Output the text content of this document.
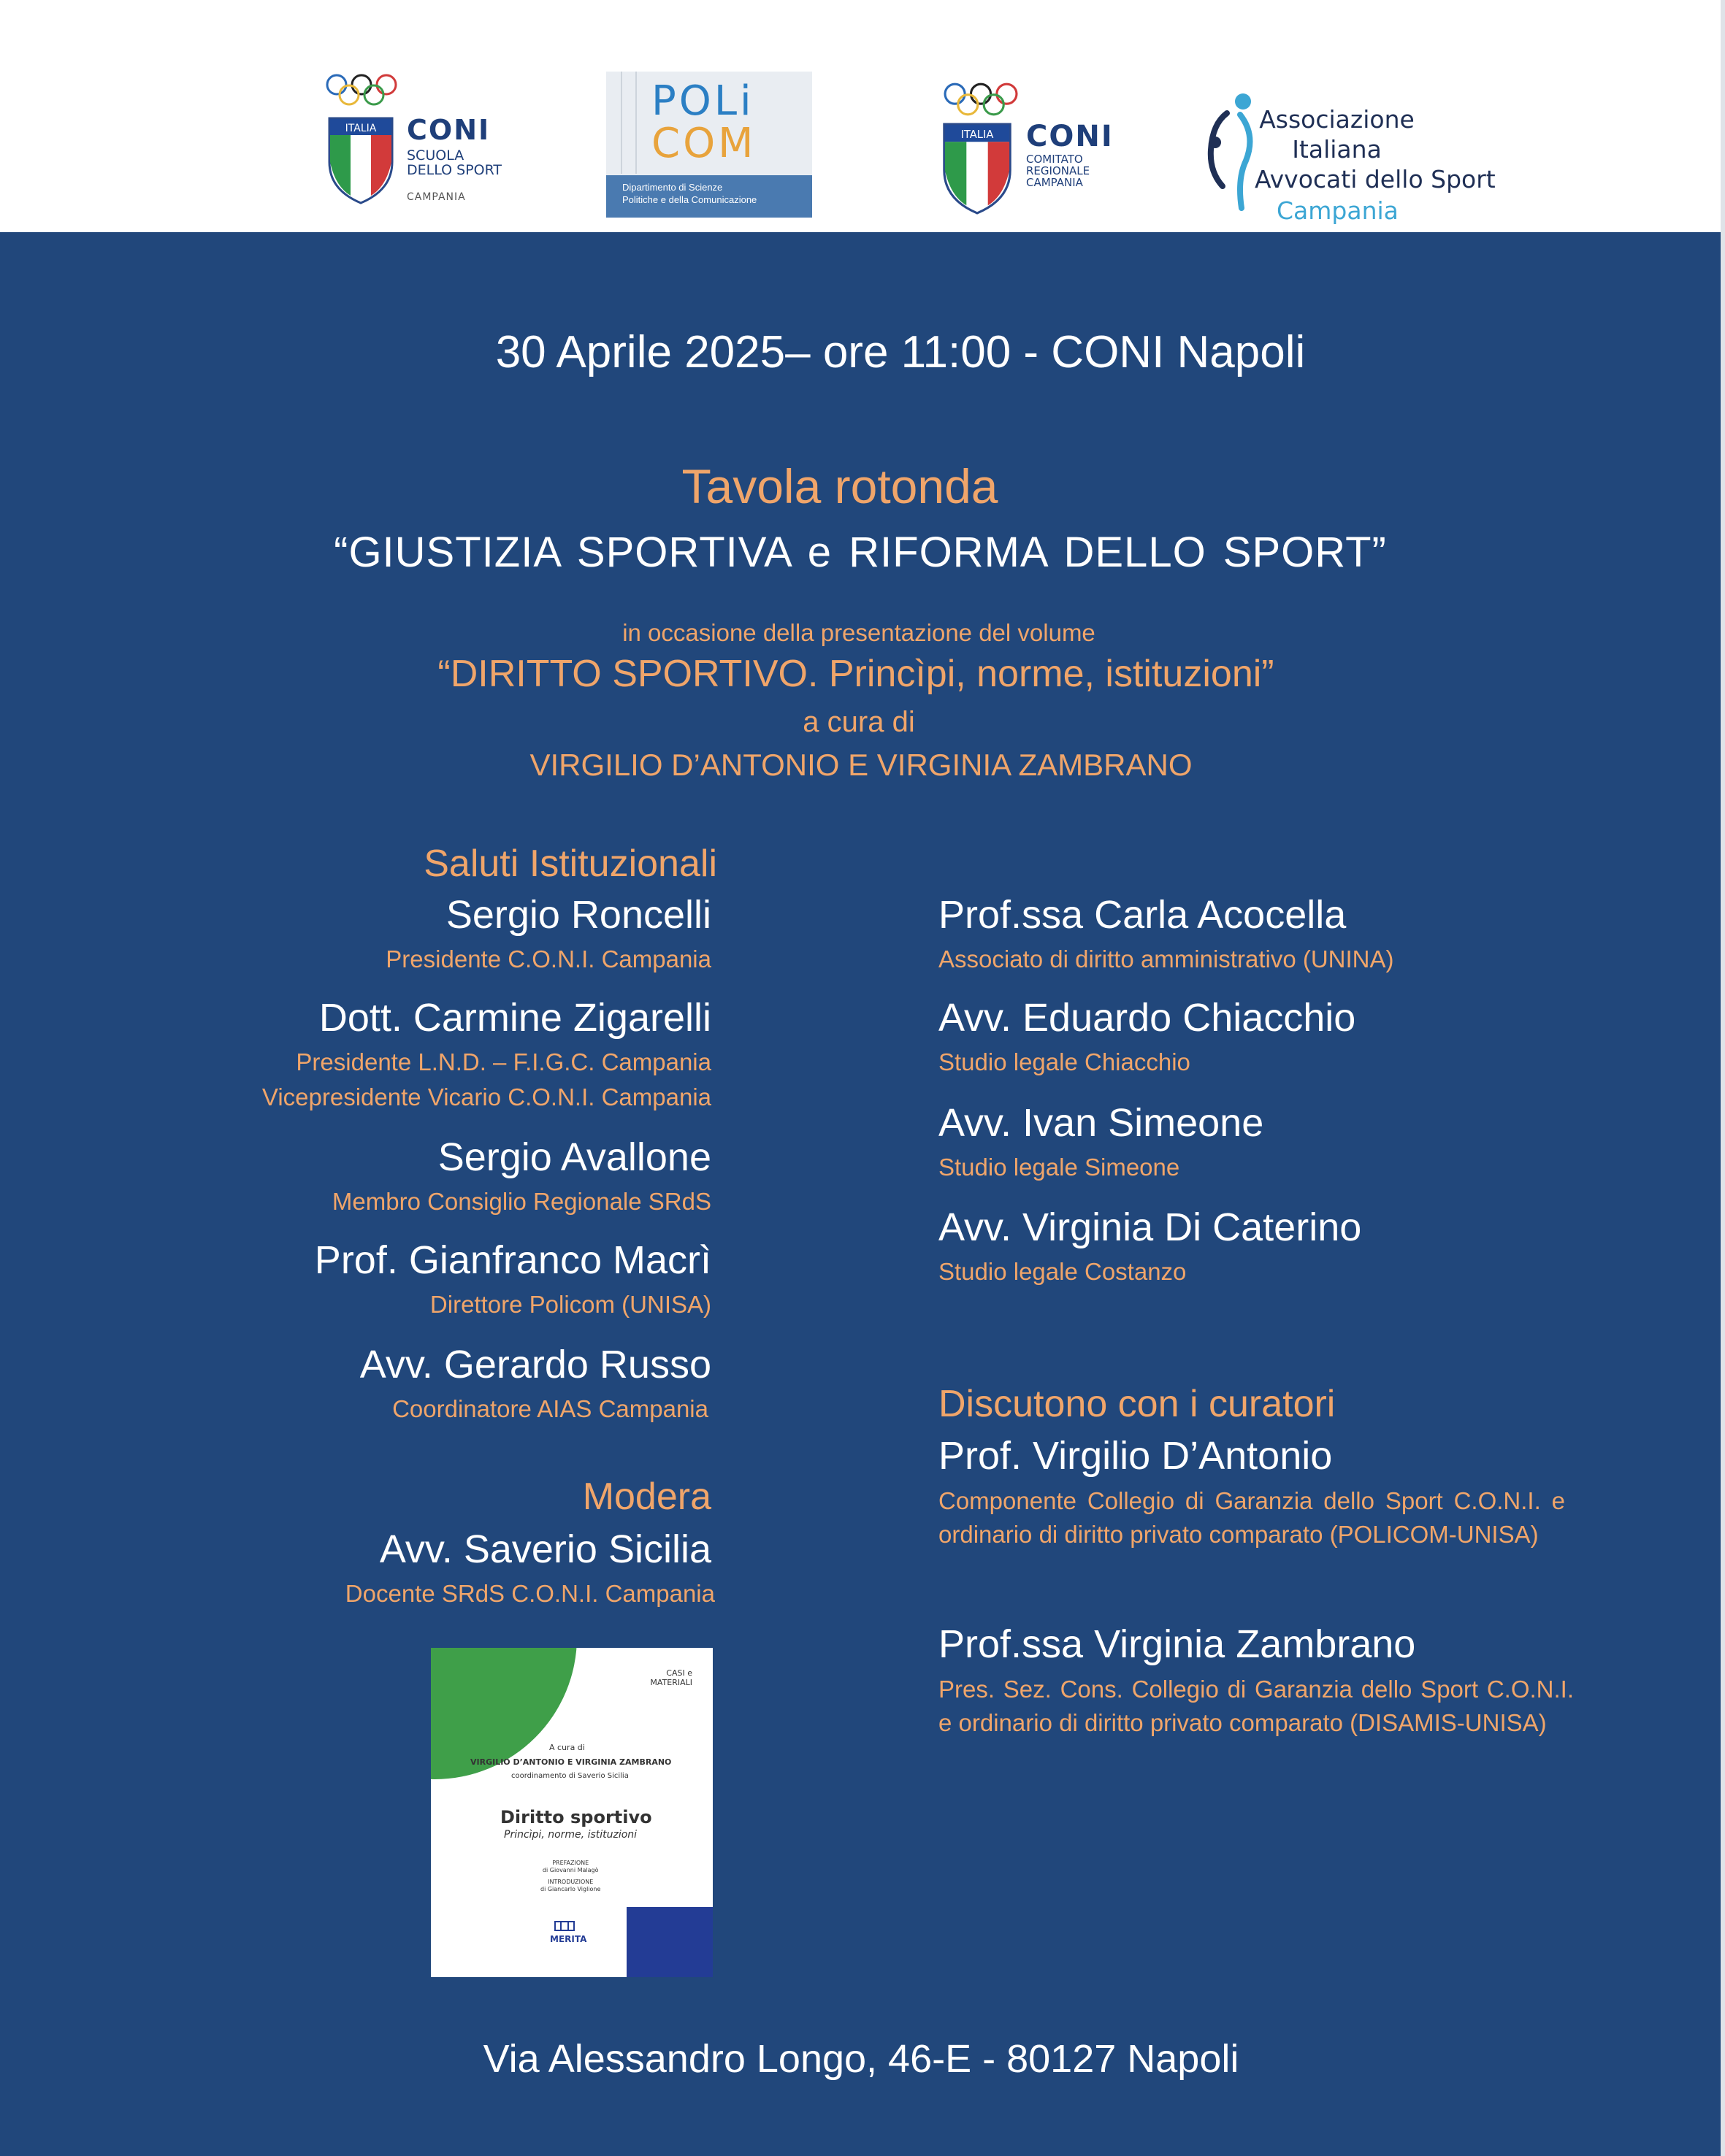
ITALIA CONI
SCUOLA
DELLO SPORT
CAMPANIA
POLi
COM
Dipartimento di Scienze
Politiche e della Comunicazione
ITALIA CONI
COMITATO
REGIONALE
CAMPANIA
Associazione
Italiana
Avvocati dello Sport
Campania
30 Aprile 2025– ore 11:00 - CONI Napoli
Tavola rotonda
“GIUSTIZIA SPORTIVA e RIFORMA DELLO SPORT”
in occasione della presentazione del volume
“DIRITTO SPORTIVO. Princìpi, norme, istituzioni”
a cura di
VIRGILIO D’ANTONIO E VIRGINIA ZAMBRANO
Saluti Istituzionali
Sergio Roncelli
Presidente C.O.N.I. Campania
Dott. Carmine Zigarelli
Presidente L.N.D. – F.I.G.C. Campania
Vicepresidente Vicario C.O.N.I. Campania
Sergio Avallone
Membro Consiglio Regionale SRdS
Prof. Gianfranco Macrì
Direttore Policom (UNISA)
Avv. Gerardo Russo
Coordinatore AIAS Campania
Modera
Avv. Saverio Sicilia
Docente SRdS C.O.N.I. Campania
CASI e
MATERIALI
A cura di
VIRGILIO D’ANTONIO E VIRGINIA ZAMBRANO
coordinamento di Saverio Sicilia
Diritto sportivo
Princìpi, norme, istituzioni
PREFAZIONE
di Giovanni Malagò
INTRODUZIONE
di Giancarlo Viglione
MERITA
Prof.ssa Carla Acocella
Associato di diritto amministrativo (UNINA)
Avv. Eduardo Chiacchio
Studio legale Chiacchio
Avv. Ivan Simeone
Studio legale Simeone
Avv. Virginia Di Caterino
Studio legale Costanzo
Discutono con i curatori
Prof. Virgilio D’Antonio
Componente Collegio di Garanzia dello Sport C.O.N.I. e ordinario di diritto privato comparato (POLICOM-UNISA)
Prof.ssa Virginia Zambrano
Pres. Sez. Cons. Collegio di Garanzia dello Sport C.O.N.I. e ordinario di diritto privato comparato (DISAMIS-UNISA)
Via Alessandro Longo, 46-E - 80127 Napoli
